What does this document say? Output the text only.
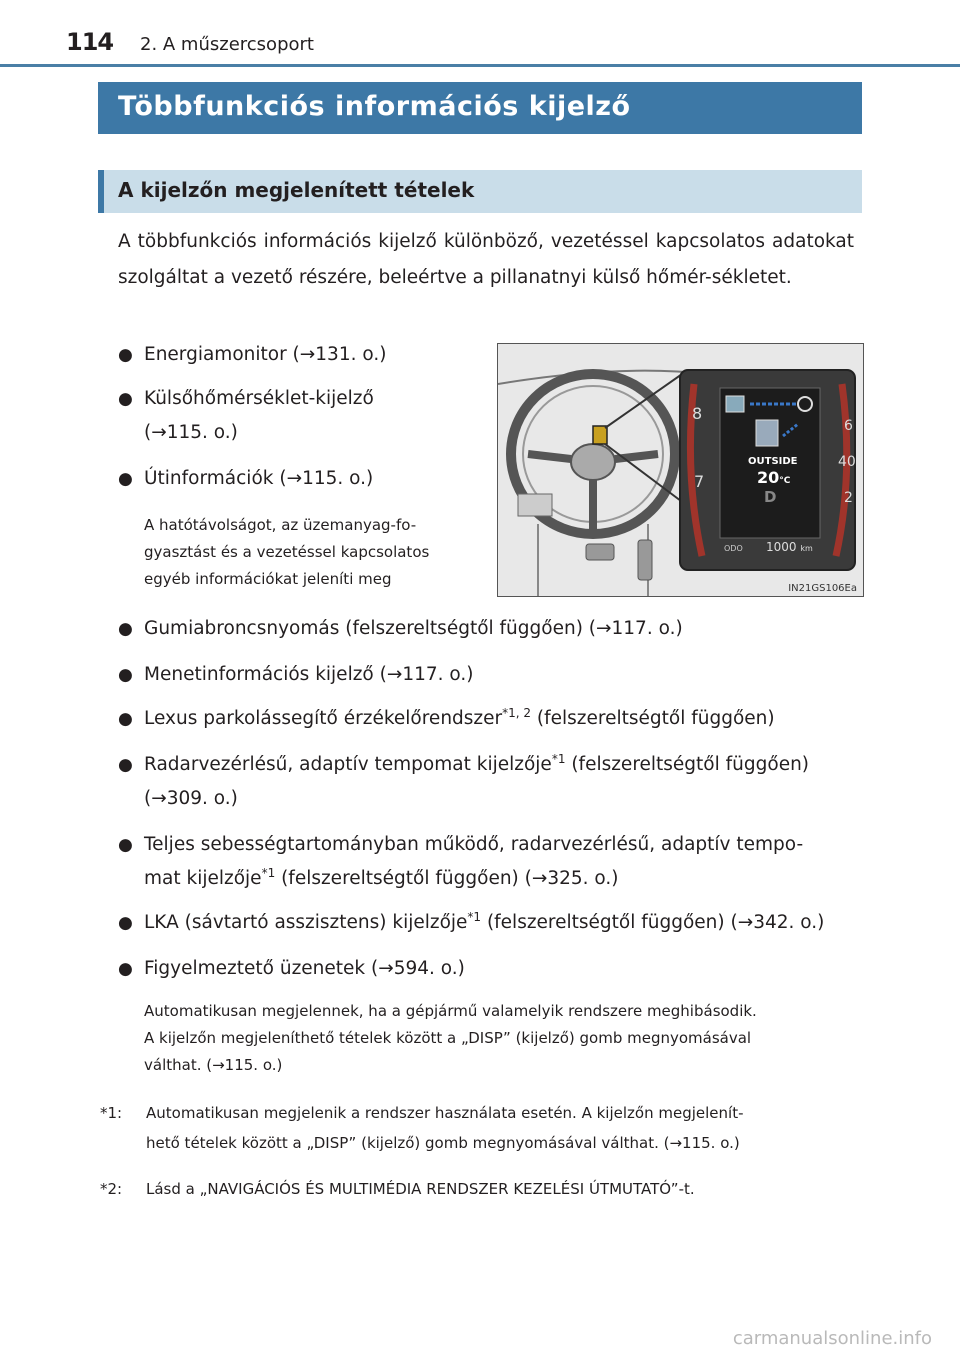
114 2. A műszercsoport
Többfunkciós információs kijelző
A kijelzőn megjelenített tételek
A többfunkciós információs kijelző különböző, vezetéssel kapcsolatos adatokat szolgáltat a vezető részére, beleértve a pillanatnyi külső hőmér-sékletet.
● Energiamonitor (→131. o.)
● Külsőhőmérséklet-kijelző
(→115. o.)
● Útinformációk (→115. o.)
A hatótávolságot, az üzemanyag-fo-
gyasztást és a vezetéssel kapcsolatos
egyéb információkat jeleníti meg
OUTSIDE
20°C
D
ODO 1000 km
7
8
6
40
2
IN21GS106Ea
● Gumiabroncsnyomás (felszereltségtől függően) (→117. o.)
● Menetinformációs kijelző (→117. o.)
● Lexus parkolássegítő érzékelőrendszer$^{*1, 2}$ (felszereltségtől függően)
● Radarvezérlésű, adaptív tempomat kijelzője$^{*1}$ (felszereltségtől függően)
(→309. o.)
● Teljes sebességtartományban működő, radarvezérlésű, adaptív tempo-
mat kijelzője$^{*1}$ (felszereltségtől függően) (→325. o.)
● LKA (sávtartó asszisztens) kijelzője$^{*1}$ (felszereltségtől függően) (→342. o.)
● Figyelmeztető üzenetek (→594. o.)
Automatikusan megjelennek, ha a gépjármű valamelyik rendszere meghibásodik.
A kijelzőn megjeleníthető tételek között a „DISP” (kijelző) gomb megnyomásával
válthat. (→115. o.)
*1:	Automatikusan megjelenik a rendszer használata esetén. A kijelzőn megjelenít-
hető tételek között a „DISP” (kijelző) gomb megnyomásával válthat. (→115. o.)
*2:	Lásd a „NAVIGÁCIÓS ÉS MULTIMÉDIA RENDSZER KEZELÉSI ÚTMUTATÓ”-t.
carmanualsonline.info
